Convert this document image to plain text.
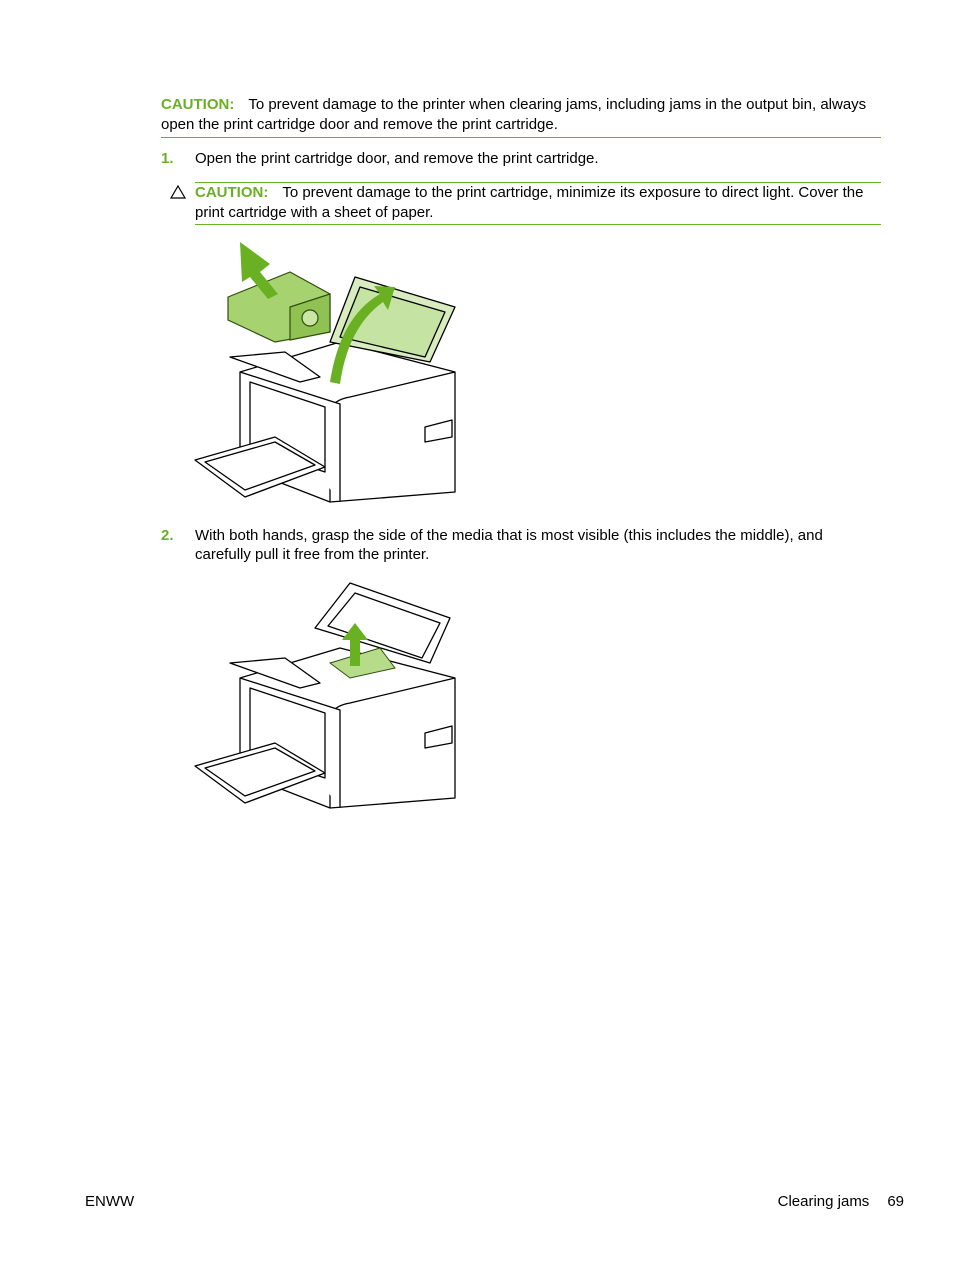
CAUTION: To prevent damage to the printer when clearing jams, including jams in the output bin, always open the print cartridge door and remove the print cartridge.
1. Open the print cartridge door, and remove the print cartridge.
CAUTION: To prevent damage to the print cartridge, minimize its exposure to direct light. Cover the print cartridge with a sheet of paper.
2. With both hands, grasp the side of the media that is most visible (this includes the middle), and carefully pull it free from the printer.
ENWW	Clearing jams 69
